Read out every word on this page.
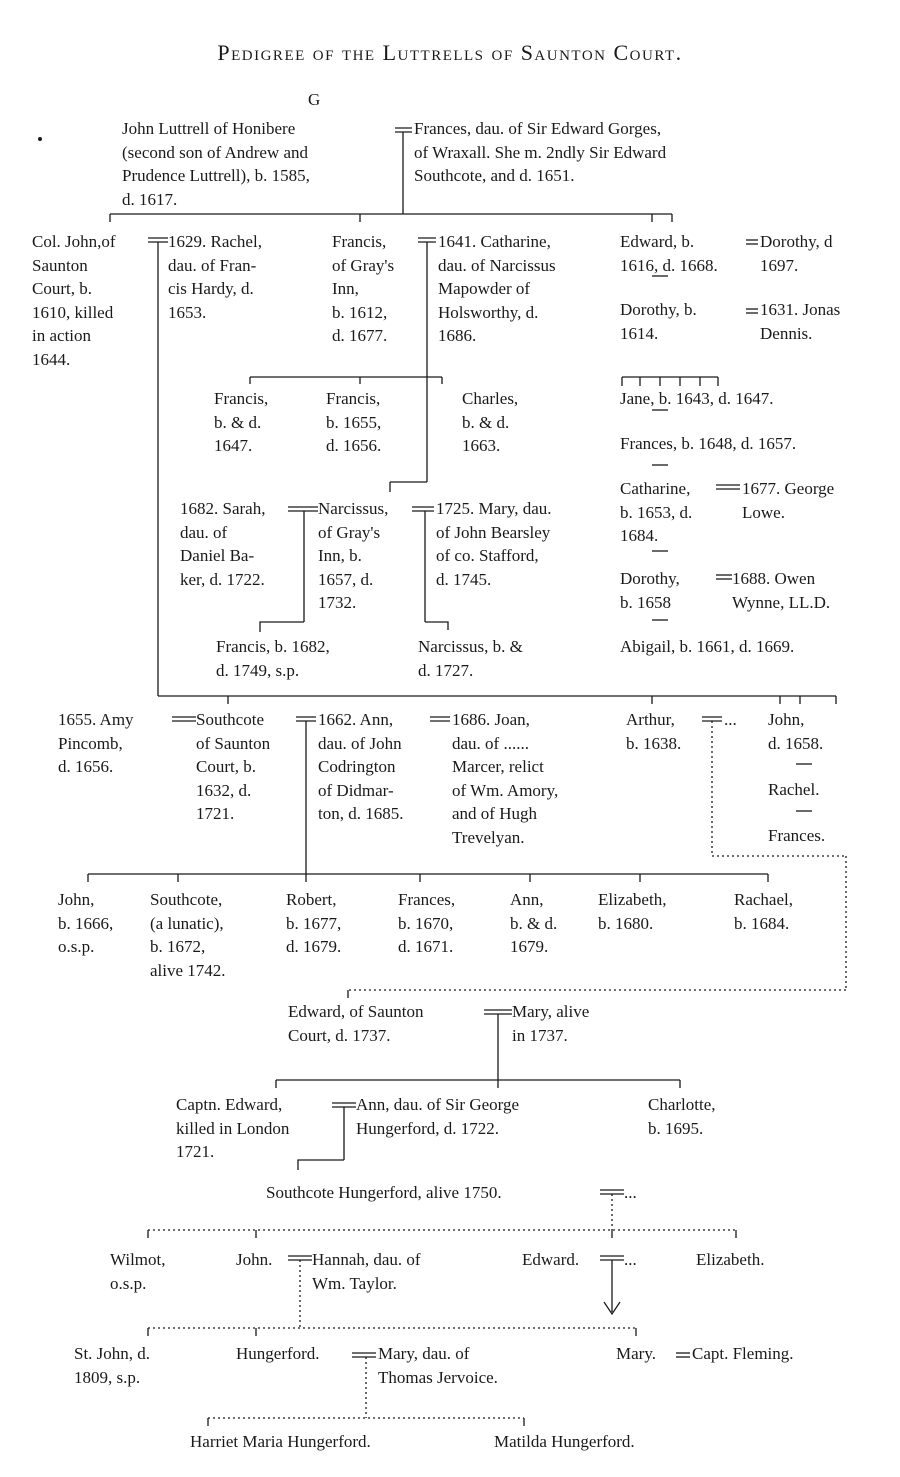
Pedigree of the Luttrells of Saunton Court.
G
John Luttrell of Honibere
(second son of Andrew and
Prudence Luttrell), b. 1585,
d. 1617.
Frances, dau. of Sir Edward Gorges,
of Wraxall. She m. 2ndly Sir Edward
Southcote, and d. 1651.
Col. John,of
Saunton
Court, b.
1610, killed
in action
1644.
1629. Rachel,
dau. of Fran-
cis Hardy, d.
1653.
Francis,
of Gray's
Inn,
b. 1612,
d. 1677.
1641. Catharine,
dau. of Narcissus
Mapowder of
Holsworthy, d.
1686.
Edward, b.
1616, d. 1668.
Dorothy, d
1697.
Dorothy, b.
1614.
1631. Jonas
Dennis.
Francis,
b. & d.
1647.
Francis,
b. 1655,
d. 1656.
Charles,
b. & d.
1663.
Jane, b. 1643, d. 1647.
Frances, b. 1648, d. 1657.
Catharine,
b. 1653, d.
1684.
1677. George
Lowe.
Dorothy,
b. 1658
1688. Owen
Wynne, LL.D.
Abigail, b. 1661, d. 1669.
1682. Sarah,
dau. of
Daniel Ba-
ker, d. 1722.
Narcissus,
of Gray's
Inn, b.
1657, d.
1732.
1725. Mary, dau.
of John Bearsley
of co. Stafford,
d. 1745.
Francis, b. 1682,
d. 1749, s.p.
Narcissus, b. &
d. 1727.
1655. Amy
Pincomb,
d. 1656.
Southcote
of Saunton
Court, b.
1632, d.
1721.
1662. Ann,
dau. of John
Codrington
of Didmar-
ton, d. 1685.
1686. Joan,
dau. of ......
Marcer, relict
of Wm. Amory,
and of Hugh
Trevelyan.
Arthur,
b. 1638.
... John,
d. 1658.
Rachel.
Frances.
John,
b. 1666,
o.s.p.
Southcote,
(a lunatic),
b. 1672,
alive 1742.
Robert,
b. 1677,
d. 1679.
Frances,
b. 1670,
d. 1671.
Ann,
b. & d.
1679.
Elizabeth,
b. 1680.
Rachael,
b. 1684.
Edward, of Saunton
Court, d. 1737.
Mary, alive
in 1737.
Captn. Edward,
killed in London
1721.
Ann, dau. of Sir George
Hungerford, d. 1722.
Charlotte,
b. 1695.
Southcote Hungerford, alive 1750.	...
Wilmot,
o.s.p.
John. Hannah, dau. of
Wm. Taylor.
Edward.	...	Elizabeth.
St. John, d.
1809, s.p.
Hungerford.	Mary, dau. of
Thomas Jervoice.
Mary. Capt. Fleming.
Harriet Maria Hungerford.	Matilda Hungerford.
